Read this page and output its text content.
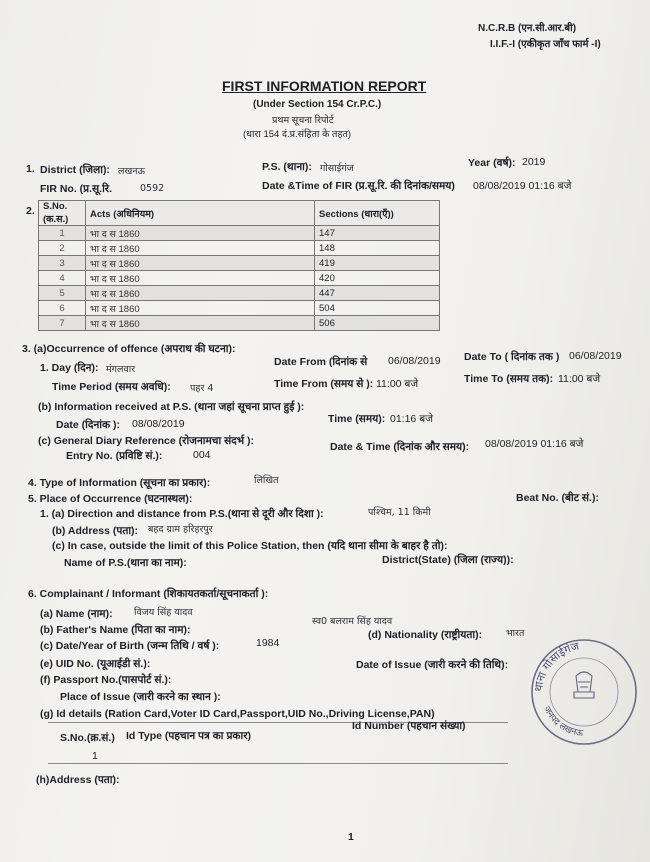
N.C.R.B (एन.सी.आर.बी)
I.I.F.-I (एकीकृत जाँच फार्म -I)
FIRST INFORMATION REPORT
(Under Section 154 Cr.P.C.)
प्रथम सूचना रिपोर्ट
(धारा 154 दं.प्र.संहिता के तहत)
1. District (जिला): लखनऊ	P.S. (थाना): गोसाईगंज	Year (वर्ष): 2019
FIR No. (प्र.सू.रि.	0592	Date &Time of FIR (प्र.सू.रि. की दिनांक/समय) 08/08/2019 01:16 बजे
2. S.No. (क.स.)	Acts (अधिनियम)	Sections (धारा(एँ))
1	भा द स 1860	147
2	भा द स 1860	148
3	भा द स 1860	419
4	भा द स 1860	420
5	भा द स 1860	447
6	भा द स 1860	504
7	भा द स 1860	506
3. (a)Occurrence of offence (अपराध की घटना):
1. Day (दिन): मंगलवार
Date From (दिनांक से 06/08/2019 Date To ( दिनांक तक ) 06/08/2019
Time Period (समय अवधि): पहर 4	Time From (समय से ): 11:00 बजे	Time To (समय तक): 11:00 बजे
(b) Information received at P.S. (थाना जहां सूचना प्राप्त हुई ):
Date (दिनांक ): 08/08/2019	Time (समय): 01:16 बजे
(c) General Diary Reference (रोजनामचा संदर्भ ):
Entry No. (प्रविष्टि सं.):	004
Date & Time (दिनांक और समय): 08/08/2019 01:16 बजे
4. Type of Information (सूचना का प्रकार):	लिखित
5. Place of Occurrence (घटनास्थल):	Beat No. (बीट सं.):
1. (a) Direction and distance from P.S.(थाना से दूरी और दिशा ):	पश्चिम, 11 किमी
(b) Address (पता): बहद ग्राम हरिहरपुर
(c) In case, outside the limit of this Police Station, then (यदि थाना सीमा के बाहर है तो):
Name of P.S.(थाना का नाम):	District(State) (जिला (राज्य)):
6. Complainant / Informant (शिकायतकर्ता/सूचनाकर्ता ):
(a) Name (नाम): विजय सिंह यादव
(b) Father's Name (पिता का नाम):
स्व0 बलराम सिंह यादव
(c) Date/Year of Birth (जन्म तिथि / वर्ष ):	1984
(d) Nationality (राष्ट्रीयता):	भारत
(e) UID No. (यूआईडी सं.):	Date of Issue (जारी करने की तिथि):
(f) Passport No.(पासपोर्ट सं.):
Place of Issue (जारी करने का स्थान ):
(g) Id details (Ration Card,Voter ID Card,Passport,UID No.,Driving License,PAN)
S.No.(क्र.सं.) Id Type (पहचान पत्र का प्रकार)
Id Number (पहचान संख्या)
1
(h)Address (पता):
1
थाना गोसाईगंज
जनपद लखनऊ
